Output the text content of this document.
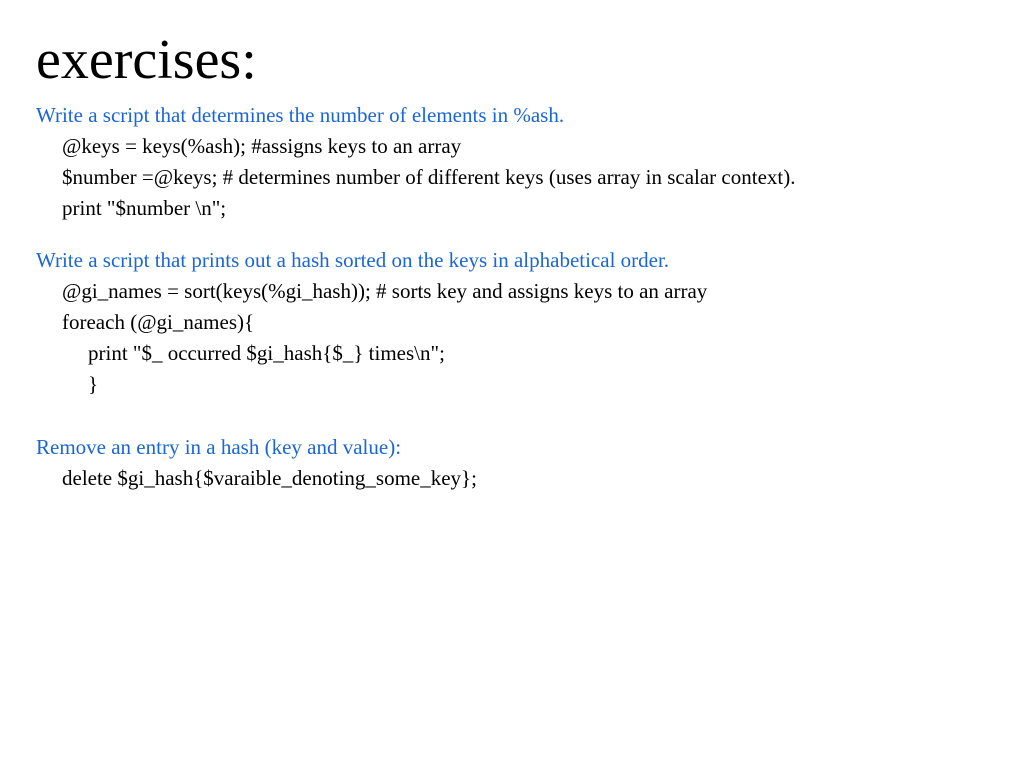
exercises:
Write a script that determines the number of elements in %ash.
@keys = keys(%ash); #assigns keys to an array
$number =@keys; # determines number of different keys (uses array in scalar context).
print "$number \n";
Write a script that prints out a hash sorted on the keys in alphabetical order.
@gi_names = sort(keys(%gi_hash)); # sorts key and assigns keys to an array
foreach (@gi_names){
print "$_ occurred $gi_hash{$_} times\n";
}
Remove an entry in a hash (key and value):
delete $gi_hash{$varaible_denoting_some_key};
